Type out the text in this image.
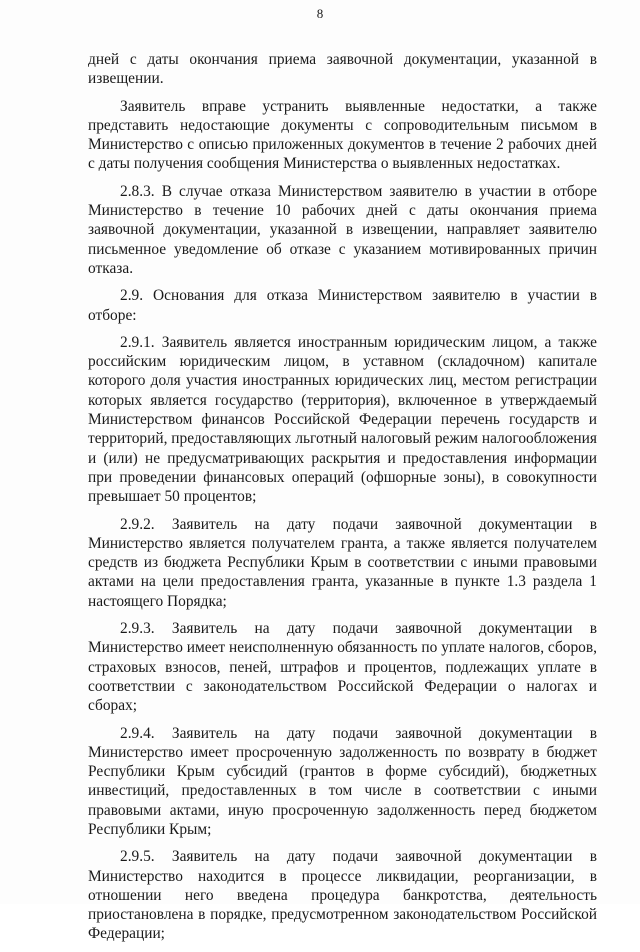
8

дней с даты окончания приема заявочной документации, указанной в извещении.

Заявитель вправе устранить выявленные недостатки, а также представить недостающие документы с сопроводительным письмом в Министерство с описью приложенных документов в течение 2 рабочих дней с даты получения сообщения Министерства о выявленных недостатках.

2.8.3. В случае отказа Министерством заявителю в участии в отборе Министерство в течение 10 рабочих дней с даты окончания приема заявочной документации, указанной в извещении, направляет заявителю письменное уведомление об отказе с указанием мотивированных причин отказа.

2.9. Основания для отказа Министерством заявителю в участии в отборе:

2.9.1. Заявитель является иностранным юридическим лицом, а также российским юридическим лицом, в уставном (складочном) капитале которого доля участия иностранных юридических лиц, местом регистрации которых является государство (территория), включенное в утверждаемый Министерством финансов Российской Федерации перечень государств и территорий, предоставляющих льготный налоговый режим налогообложения и (или) не предусматривающих раскрытия и предоставления информации при проведении финансовых операций (офшорные зоны), в совокупности превышает 50 процентов;

2.9.2. Заявитель на дату подачи заявочной документации в Министерство является получателем гранта, а также является получателем средств из бюджета Республики Крым в соответствии с иными правовыми актами на цели предоставления гранта, указанные в пункте 1.3 раздела 1 настоящего Порядка;

2.9.3. Заявитель на дату подачи заявочной документации в Министерство имеет неисполненную обязанность по уплате налогов, сборов, страховых взносов, пеней, штрафов и процентов, подлежащих уплате в соответствии с законодательством Российской Федерации о налогах и сборах;

2.9.4. Заявитель на дату подачи заявочной документации в Министерство имеет просроченную задолженность по возврату в бюджет Республики Крым субсидий (грантов в форме субсидий), бюджетных инвестиций, предоставленных в том числе в соответствии с иными правовыми актами, иную просроченную задолженность перед бюджетом Республики Крым;

2.9.5. Заявитель на дату подачи заявочной документации в Министерство находится в процессе ликвидации, реорганизации, в отношении него введена процедура банкротства, деятельность приостановлена в порядке, предусмотренном законодательством Российской Федерации;
